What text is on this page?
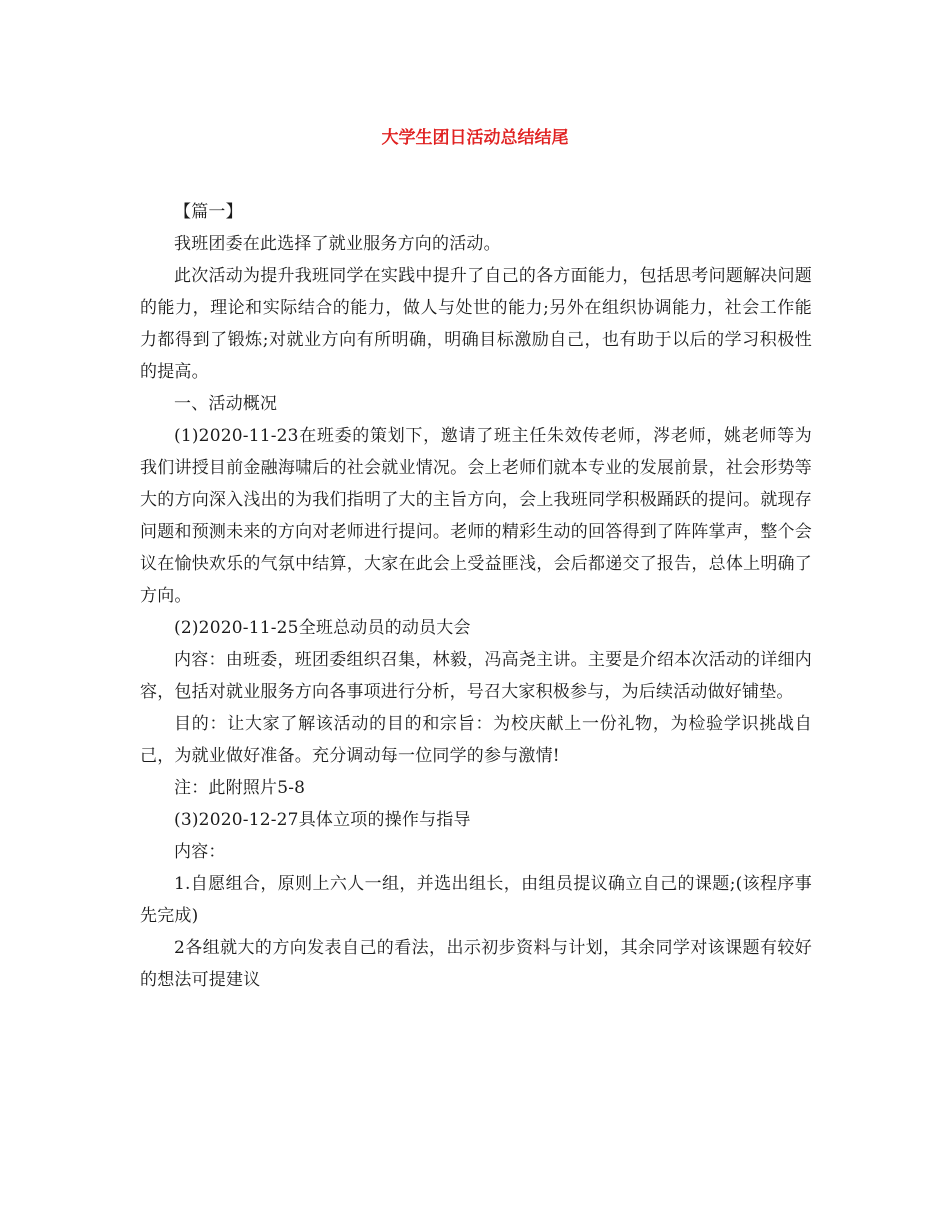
大学生团日活动总结结尾

【篇一】

我班团委在此选择了就业服务方向的活动。

此次活动为提升我班同学在实践中提升了自己的各方面能力，包括思考问题解决问题的能力，理论和实际结合的能力，做人与处世的能力;另外在组织协调能力，社会工作能力都得到了锻炼;对就业方向有所明确，明确目标激励自己，也有助于以后的学习积极性的提高。

一、活动概况

(1)2020-11-23在班委的策划下，邀请了班主任朱效传老师，涔老师，姚老师等为我们讲授目前金融海啸后的社会就业情况。会上老师们就本专业的发展前景，社会形势等大的方向深入浅出的为我们指明了大的主旨方向，会上我班同学积极踊跃的提问。就现存问题和预测未来的方向对老师进行提问。老师的精彩生动的回答得到了阵阵掌声，整个会议在愉快欢乐的气氛中结算，大家在此会上受益匪浅，会后都递交了报告，总体上明确了方向。

(2)2020-11-25全班总动员的动员大会

内容：由班委，班团委组织召集，林毅，冯高尧主讲。主要是介绍本次活动的详细内容，包括对就业服务方向各事项进行分析，号召大家积极参与，为后续活动做好铺垫。

目的：让大家了解该活动的目的和宗旨：为校庆献上一份礼物，为检验学识挑战自己，为就业做好准备。充分调动每一位同学的参与激情!

注：此附照片5-8

(3)2020-12-27具体立项的操作与指导

内容：

1.自愿组合，原则上六人一组，并选出组长，由组员提议确立自己的课题;(该程序事先完成)

2各组就大的方向发表自己的看法，出示初步资料与计划，其余同学对该课题有较好的想法可提建议
